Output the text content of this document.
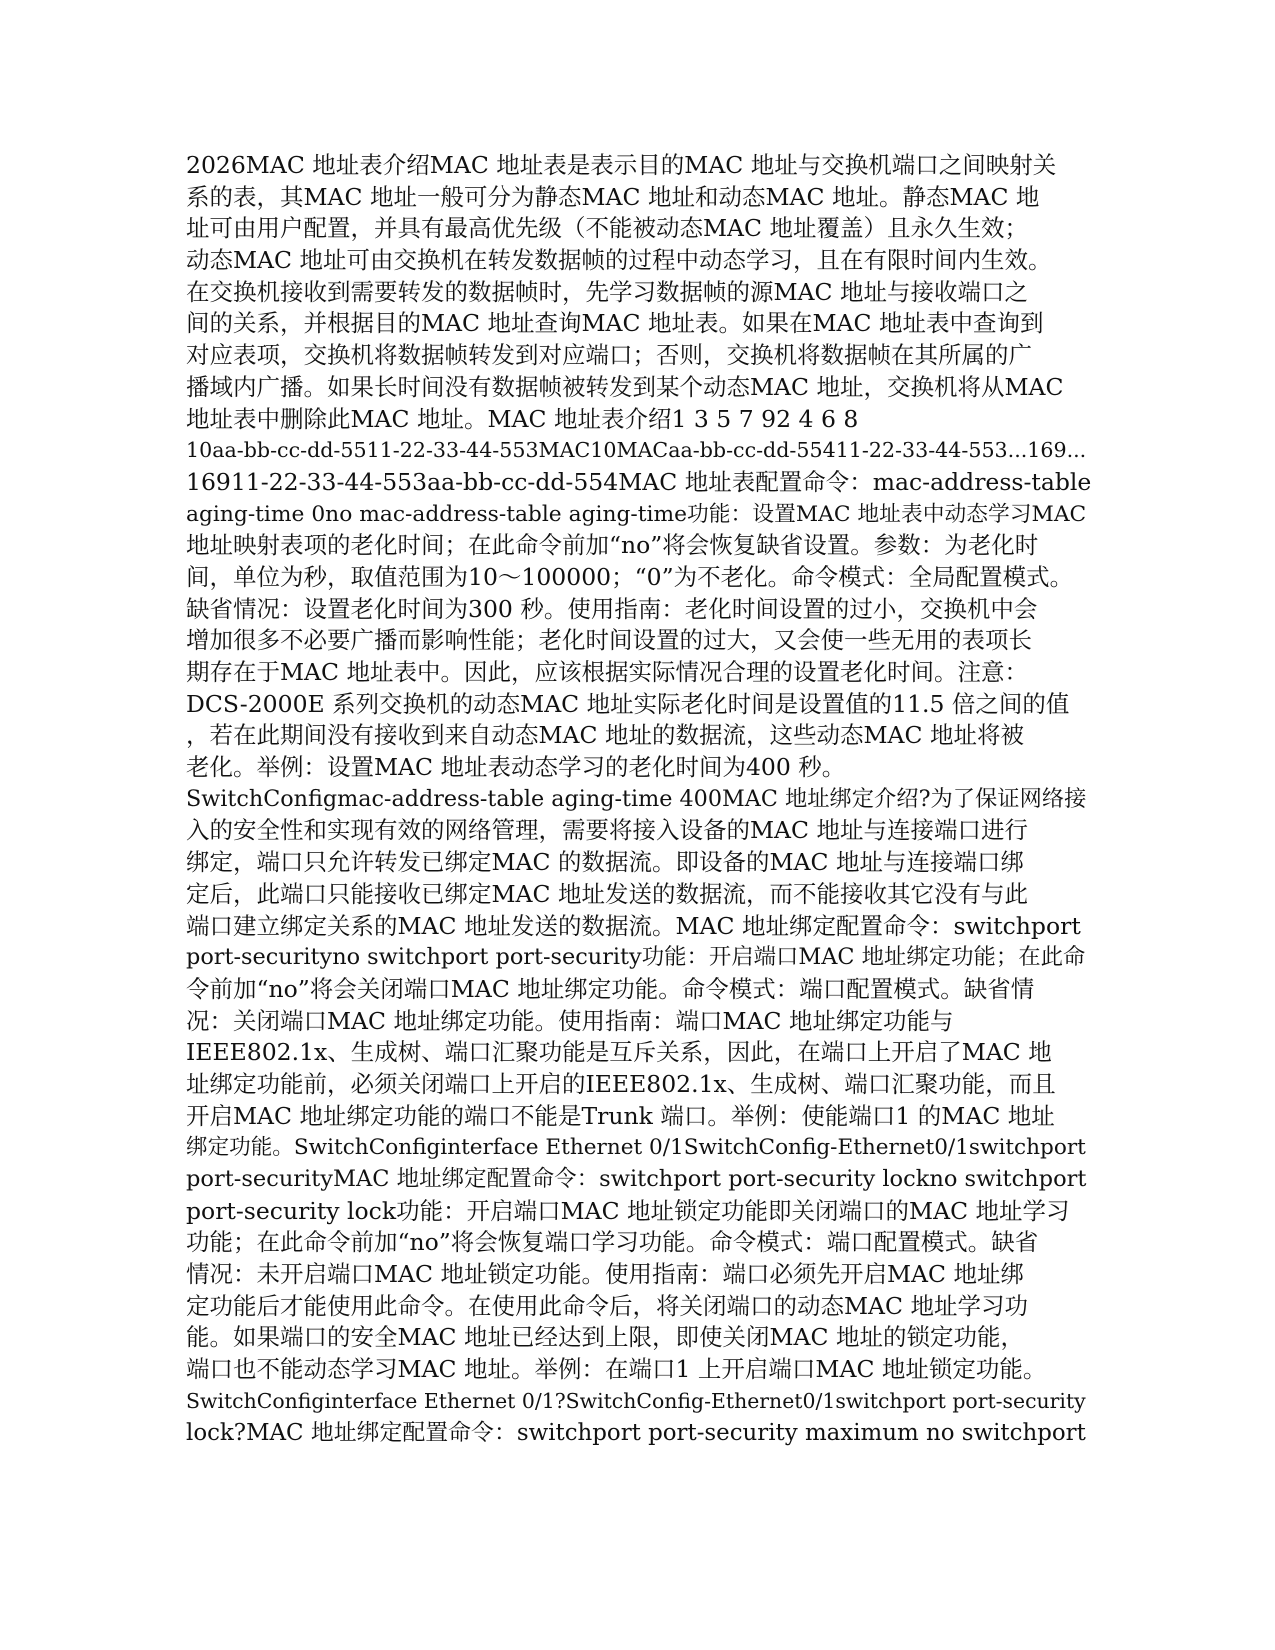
2026MAC 地址表介绍MAC 地址表是表示目的MAC 地址与交换机端口之间映射关
系的表，其MAC 地址一般可分为静态MAC 地址和动态MAC 地址。静态MAC 地
址可由用户配置，并具有最高优先级（不能被动态MAC 地址覆盖）且永久生效；
动态MAC 地址可由交换机在转发数据帧的过程中动态学习，且在有限时间内生效。
在交换机接收到需要转发的数据帧时，先学习数据帧的源MAC 地址与接收端口之
间的关系，并根据目的MAC 地址查询MAC 地址表。如果在MAC 地址表中查询到
对应表项，交换机将数据帧转发到对应端口；否则，交换机将数据帧在其所属的广
播域内广播。如果长时间没有数据帧被转发到某个动态MAC 地址，交换机将从MAC
地址表中删除此MAC 地址。MAC 地址表介绍1 3 5 7 92 4 6 8
10aa-bb-cc-dd-5511-22-33-44-553MAC10MACaa-bb-cc-dd-55411-22-33-44-553...169...
16911-22-33-44-553aa-bb-cc-dd-554MAC 地址表配置命令：mac-address-table
aging-time 0no mac-address-table aging-time功能：设置MAC 地址表中动态学习MAC
地址映射表项的老化时间；在此命令前加“no”将会恢复缺省设置。参数：为老化时
间，单位为秒，取值范围为10～100000；“0”为不老化。命令模式：全局配置模式。
缺省情况：设置老化时间为300 秒。使用指南：老化时间设置的过小，交换机中会
增加很多不必要广播而影响性能；老化时间设置的过大，又会使一些无用的表项长
期存在于MAC 地址表中。因此，应该根据实际情况合理的设置老化时间。注意：
DCS-2000E 系列交换机的动态MAC 地址实际老化时间是设置值的11.5 倍之间的值
，若在此期间没有接收到来自动态MAC 地址的数据流，这些动态MAC 地址将被
老化。举例：设置MAC 地址表动态学习的老化时间为400 秒。
SwitchConfigmac-address-table aging-time 400MAC 地址绑定介绍?为了保证网络接
入的安全性和实现有效的网络管理，需要将接入设备的MAC 地址与连接端口进行
绑定，端口只允许转发已绑定MAC 的数据流。即设备的MAC 地址与连接端口绑
定后，此端口只能接收已绑定MAC 地址发送的数据流，而不能接收其它没有与此
端口建立绑定关系的MAC 地址发送的数据流。MAC 地址绑定配置命令：switchport
port-securityno switchport port-security功能：开启端口MAC 地址绑定功能；在此命
令前加“no”将会关闭端口MAC 地址绑定功能。命令模式：端口配置模式。缺省情
况：关闭端口MAC 地址绑定功能。使用指南：端口MAC 地址绑定功能与
IEEE802.1x、生成树、端口汇聚功能是互斥关系，因此，在端口上开启了MAC 地
址绑定功能前，必须关闭端口上开启的IEEE802.1x、生成树、端口汇聚功能，而且
开启MAC 地址绑定功能的端口不能是Trunk 端口。举例：使能端口1 的MAC 地址
绑定功能。SwitchConfiginterface Ethernet 0/1SwitchConfig-Ethernet0/1switchport
port-securityMAC 地址绑定配置命令：switchport port-security lockno switchport
port-security lock功能：开启端口MAC 地址锁定功能即关闭端口的MAC 地址学习
功能；在此命令前加“no”将会恢复端口学习功能。命令模式：端口配置模式。缺省
情况：未开启端口MAC 地址锁定功能。使用指南：端口必须先开启MAC 地址绑
定功能后才能使用此命令。在使用此命令后，将关闭端口的动态MAC 地址学习功
能。如果端口的安全MAC 地址已经达到上限，即使关闭MAC 地址的锁定功能，
端口也不能动态学习MAC 地址。举例：在端口1 上开启端口MAC 地址锁定功能。
SwitchConfiginterface Ethernet 0/1?SwitchConfig-Ethernet0/1switchport port-security
lock?MAC 地址绑定配置命令：switchport port-security maximum no switchport
